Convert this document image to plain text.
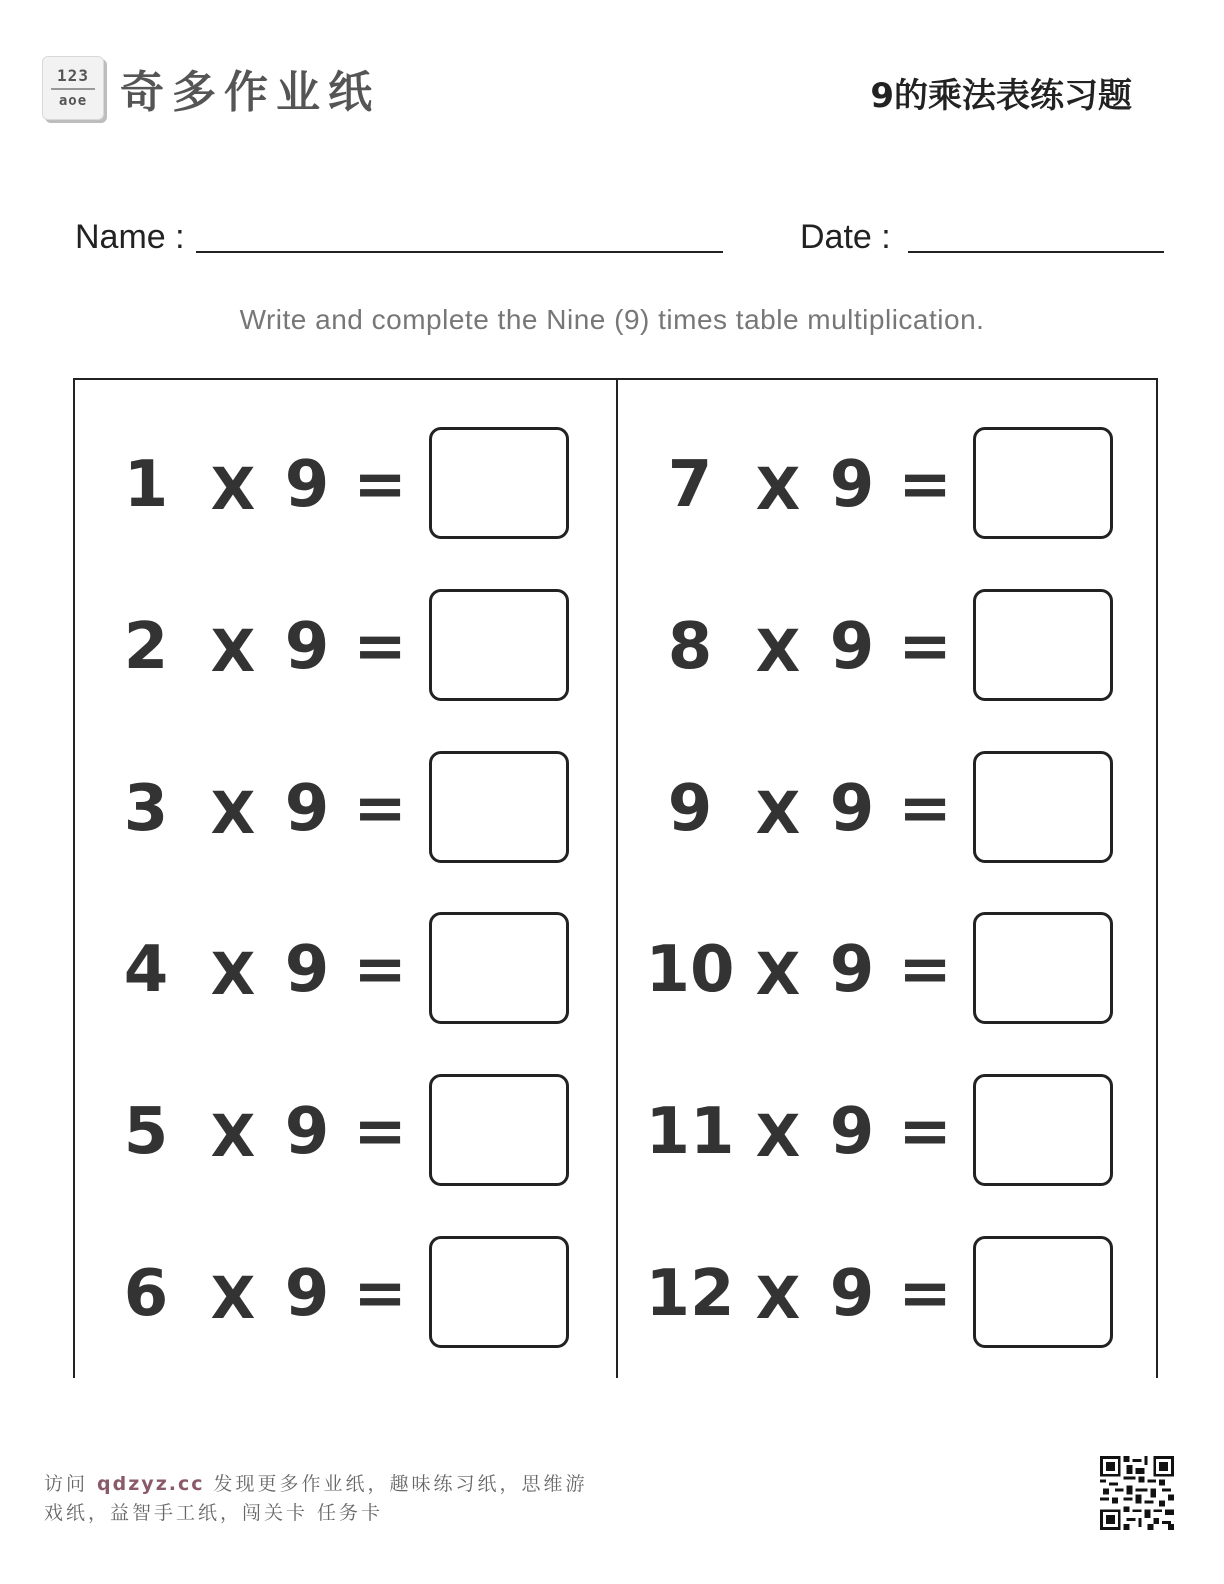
123
aoe 奇多作业纸	9的乘法表练习题
Name :	Date :
Write and complete the Nine (9) times table multiplication.
1 X 9 =
2 X 9 =
3 X 9 =
4 X 9 =
5 X 9 =
6 X 9 =
7 X 9 =
8 X 9 =
9 X 9 =
10 X 9 =
11 X 9 =
12 X 9 =
访问 qdzyz.cc 发现更多作业纸，趣味练习纸，思维游戏纸，益智手工纸，闯关卡 任务卡
